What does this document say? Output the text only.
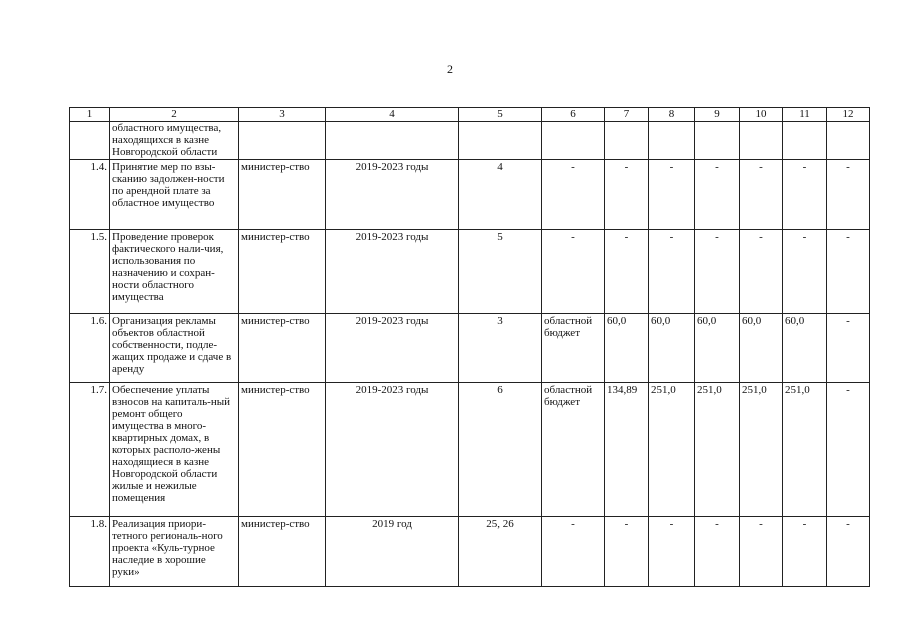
2
1	2	3	4	5	6	7	8	9	10	11	12
	областного имущества, находящихся в казне Новгородской области										
1.4.	Принятие мер по взы-сканию задолжен-ности по арендной плате за областное имущество	министер-ство	2019-2023 годы	4	-	-	-	-	-	-	-
1.5.	Проведение проверок фактического нали-чия, использования по назначению и сохран-ности областного имущества	министер-ство	2019-2023 годы	5	-	-	-	-	-	-	-
1.6.	Организация рекламы объектов областной собственности, подле-жащих продаже и сдаче в аренду	министер-ство	2019-2023 годы	3	областной бюджет	60,0	60,0	60,0	60,0	60,0	-
1.7.	Обеспечение уплаты взносов на капиталь-ный ремонт общего имущества в много-квартирных домах, в которых располо-жены находящиеся в казне Новгородской области жилые и нежилые помещения	министер-ство	2019-2023 годы	6	областной бюджет	134,89	251,0	251,0	251,0	251,0	-
1.8.	Реализация приори-тетного региональ-ного проекта «Куль-турное наследие в хорошие руки»	министер-ство	2019 год	25, 26	-	-	-	-	-	-	-
